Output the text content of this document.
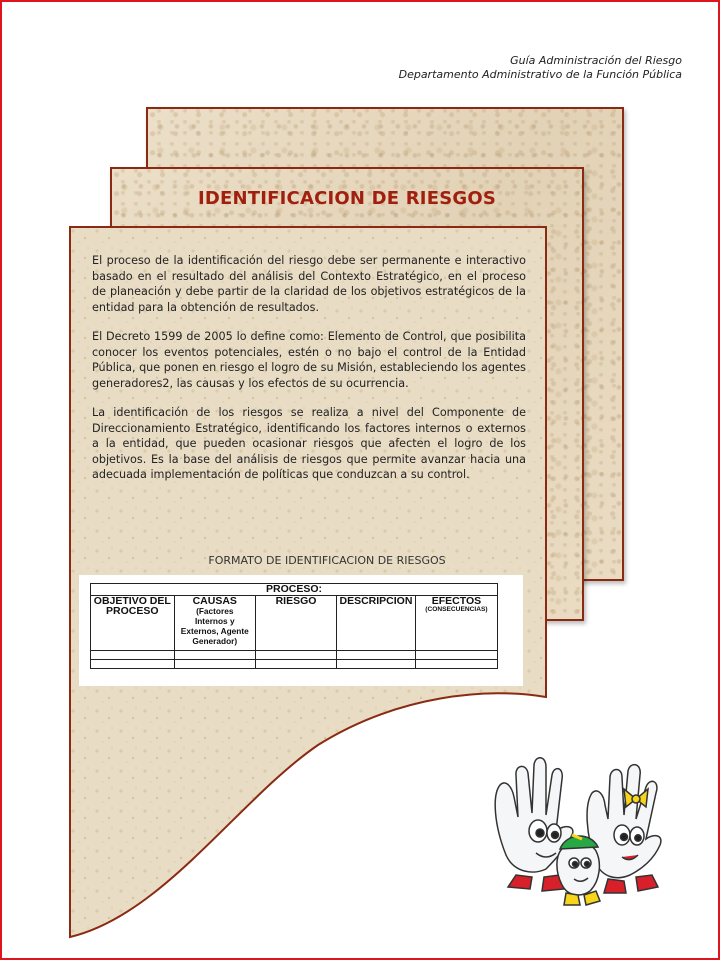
Guía Administración del Riesgo
Departamento Administrativo de la Función Pública
IDENTIFICACION DE RIESGOS

El proceso de la identificación del riesgo debe ser permanente e interactivo basado en el resultado del análisis del Contexto Estratégico, en el proceso de planeación y debe partir de la claridad de los objetivos estratégicos de la entidad para la obtención de resultados.

El Decreto 1599 de 2005 lo define como: Elemento de Control, que posibilita conocer los eventos potenciales, estén o no bajo el control de la Entidad Pública, que ponen en riesgo el logro de su Misión, estableciendo los agentes generadores2, las causas y los efectos de su ocurrencia.

La identificación de los riesgos se realiza a nivel del Componente de Direccionamiento Estratégico, identificando los factores internos o externos a la entidad, que pueden ocasionar riesgos que afecten el logro de los objetivos. Es la base del análisis de riesgos que permite avanzar hacia una adecuada implementación de políticas que conduzcan a su control.

FORMATO DE IDENTIFICACION DE RIESGOS
PROCESO:				

OBJETIVO DEL
PROCESO	CAUSAS
(Factores
Internos y
Externos, Agente
Generador)	RIESGO	DESCRIPCION	EFECTOS
(CONSECUENCIAS)
